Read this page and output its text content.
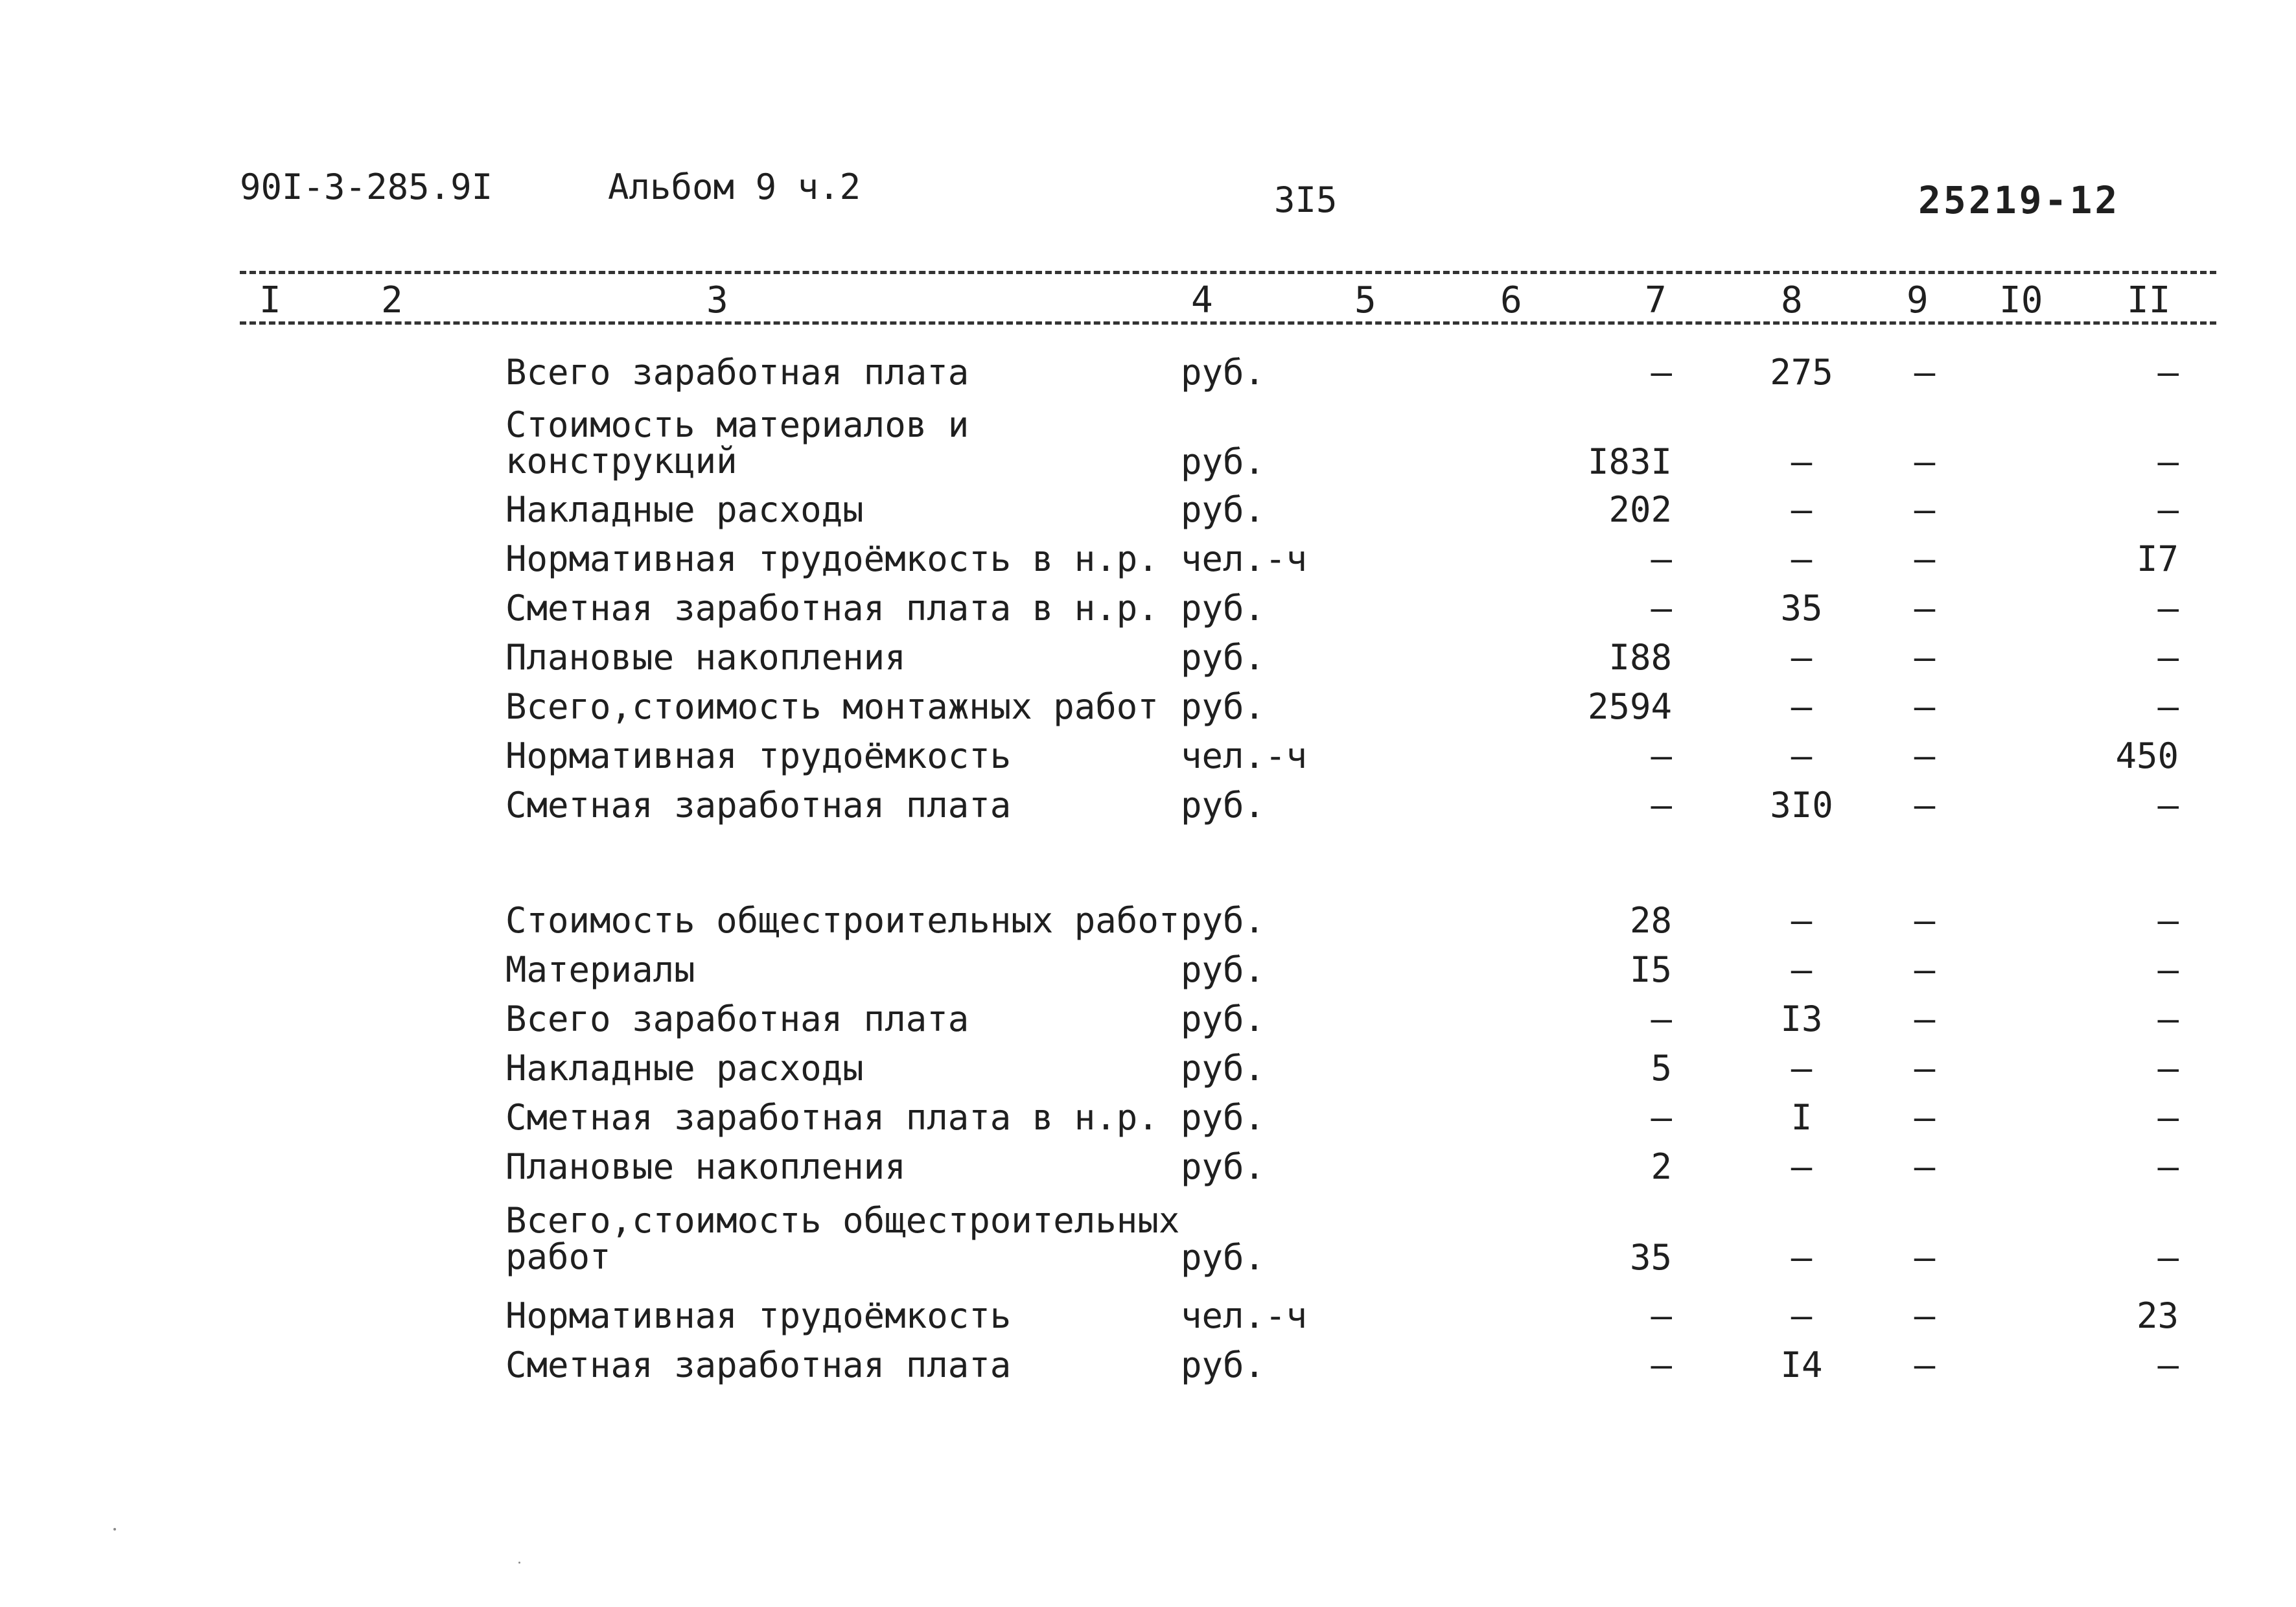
90I-3-285.9I	Альбом 9 ч.2	3I5	25219-12
I	2	3	4	5	6	7	8	9 I0 II
Всего заработная плата	руб.	–	275	–	–
Стоимость материалов и
конструкций	руб.	I83I	–	–	–
Накладные расходы	руб.	202	–	–	–
Нормативная трудоёмкость в н.р. чел.-ч	–	–	–	I7
Сметная заработная плата в н.р. руб.	–	35	–	–
Плановые накопления	руб.	I88	–	–	–
Всего,стоимость монтажных работ руб.	2594	–	–	–
Нормативная трудоёмкость	чел.-ч	–	–	–	450
Сметная заработная плата	руб.	–	3I0	–	–
Стоимость общестроительных работ руб.	28	–	–	–
Материалы	руб.	I5	–	–	–
Всего заработная плата	руб.	–	I3	–	–
Накладные расходы	руб.	5	–	–	–
Сметная заработная плата в н.р. руб.	–	I	–	–
Плановые накопления	руб.	2	–	–	–
Всего,стоимость общестроительных
работ	руб.	35	–	–	–
Нормативная трудоёмкость	чел.-ч	–	–	–	23
Сметная заработная плата	руб.	–	I4	–	–
